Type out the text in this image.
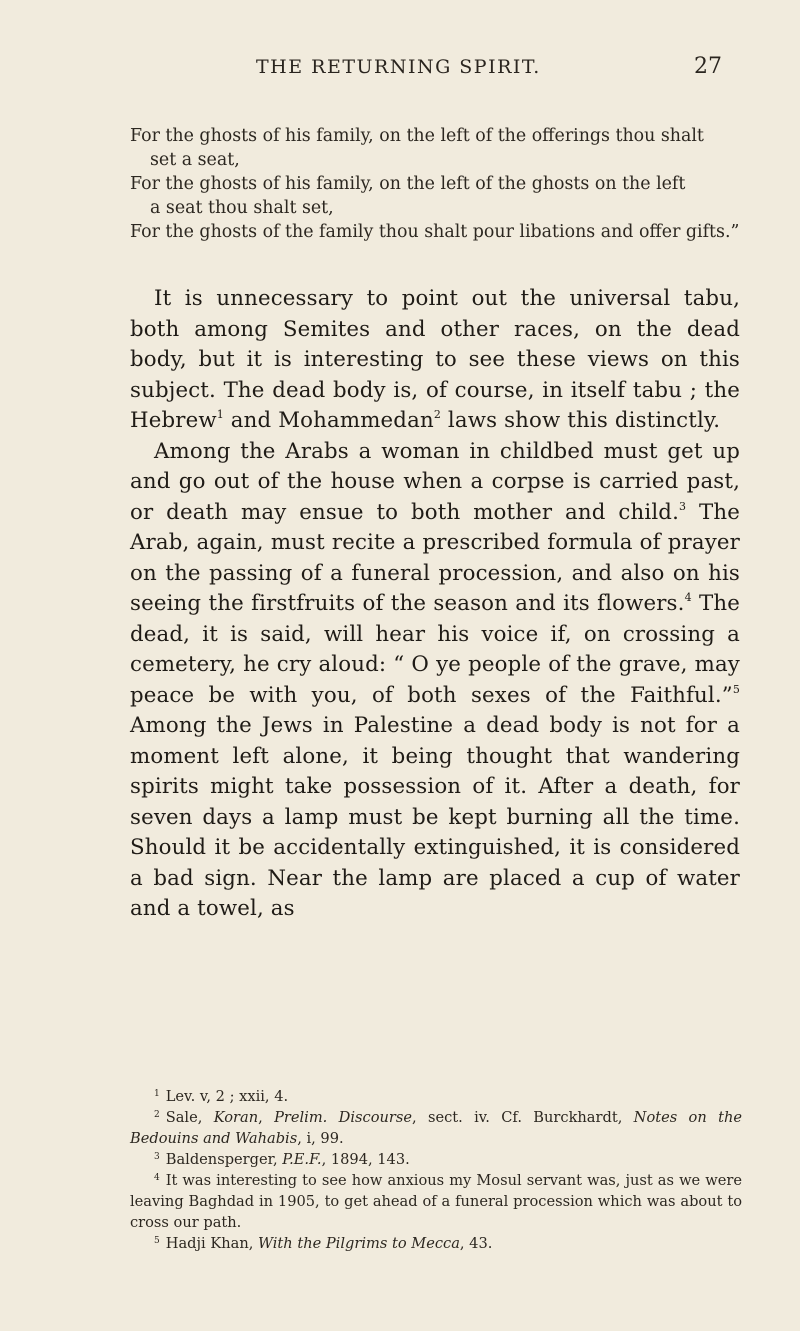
THE RETURNING SPIRIT.	27
For the ghosts of his family, on the left of the offerings thou shalt
set a seat,
For the ghosts of his family, on the left of the ghosts on the left
a seat thou shalt set,
For the ghosts of the family thou shalt pour libations and offer gifts.”

It is unnecessary to point out the universal tabu, both among Semites and other races, on the dead body, but it is interesting to see these views on this subject. The dead body is, of course, in itself tabu ; the Hebrew$^1$ and Mohammedan$^2$ laws show this distinctly.

Among the Arabs a woman in childbed must get up and go out of the house when a corpse is carried past, or death may ensue to both mother and child.$^3$ The Arab, again, must recite a prescribed formula of prayer on the passing of a funeral procession, and also on his seeing the firstfruits of the season and its flowers.$^4$ The dead, it is said, will hear his voice if, on crossing a cemetery, he cry aloud: “ O ye people of the grave, may peace be with you, of both sexes of the Faithful.”$^5$ Among the Jews in Palestine a dead body is not for a moment left alone, it being thought that wandering spirits might take possession of it. After a death, for seven days a lamp must be kept burning all the time. Should it be accidentally extinguished, it is considered a bad sign. Near the lamp are placed a cup of water and a towel, as

$^1$ Lev. v, 2 ; xxii, 4.

$^2$ Sale, Koran, Prelim. Discourse, sect. iv. Cf. Burckhardt, Notes on the Bedouins and Wahabis, i, 99.

$^3$ Baldensperger, P.E.F., 1894, 143.

$^4$ It was interesting to see how anxious my Mosul servant was, just as we were leaving Baghdad in 1905, to get ahead of a funeral procession which was about to cross our path.

$^5$ Hadji Khan, With the Pilgrims to Mecca, 43.
